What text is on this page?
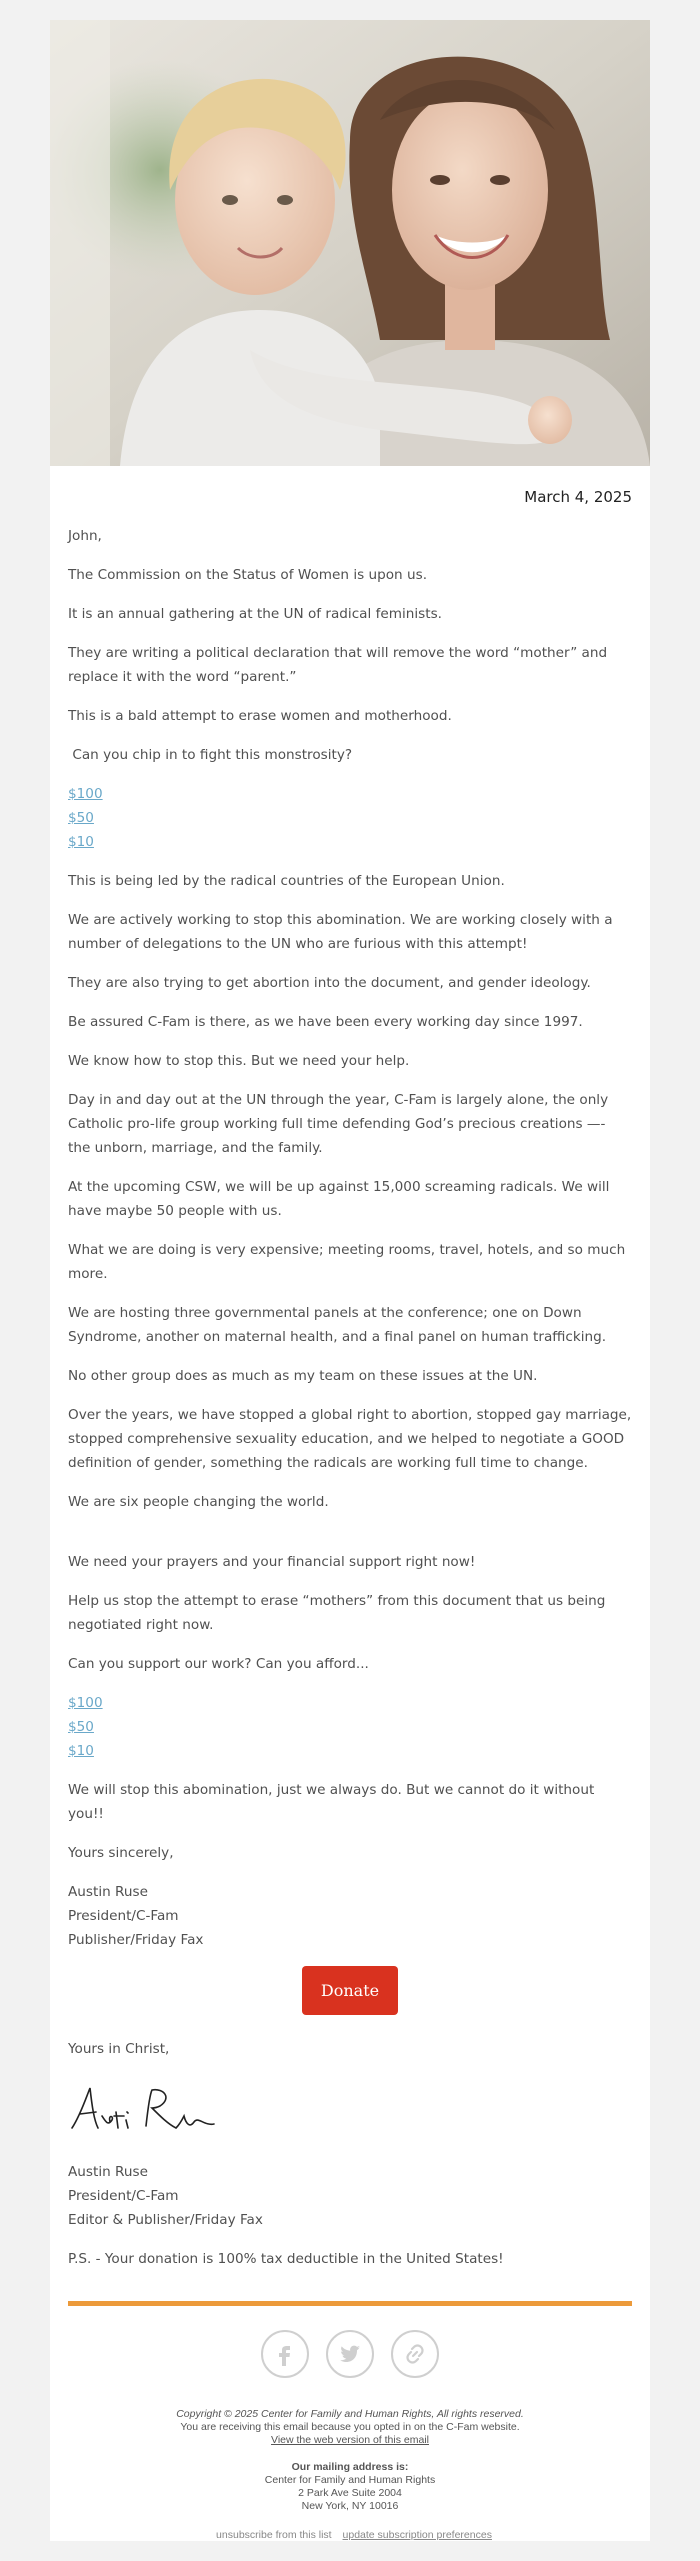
March 4, 2025

John,

The Commission on the Status of Women is upon us.

It is an annual gathering at the UN of radical feminists.

They are writing a political declaration that will remove the word “mother” and replace it with the word “parent.”

This is a bald attempt to erase women and motherhood.

Can you chip in to fight this monstrosity?

$100
$50
$10

This is being led by the radical countries of the European Union.

We are actively working to stop this abomination. We are working closely with a number of delegations to the UN who are furious with this attempt!

They are also trying to get abortion into the document, and gender ideology.

Be assured C-Fam is there, as we have been every working day since 1997.

We know how to stop this. But we need your help.

Day in and day out at the UN through the year, C-Fam is largely alone, the only Catholic pro-life group working full time defending God’s precious creations —- the unborn, marriage, and the family.

At the upcoming CSW, we will be up against 15,000 screaming radicals. We will have maybe 50 people with us.

What we are doing is very expensive; meeting rooms, travel, hotels, and so much more.

We are hosting three governmental panels at the conference; one on Down Syndrome, another on maternal health, and a final panel on human trafficking.

No other group does as much as my team on these issues at the UN.

Over the years, we have stopped a global right to abortion, stopped gay marriage, stopped comprehensive sexuality education, and we helped to negotiate a GOOD definition of gender, something the radicals are working full time to change.

We are six people changing the world.

We need your prayers and your financial support right now!

Help us stop the attempt to erase “mothers” from this document that us being negotiated right now.

Can you support our work? Can you afford...

$100
$50
$10

We will stop this abomination, just we always do. But we cannot do it without you!!

Yours sincerely,

Austin Ruse

President/C-Fam

Publisher/Friday Fax

Donate

Yours in Christ,

Austin Ruse

President/C-Fam

Editor & Publisher/Friday Fax

P.S. - Your donation is 100% tax deductible in the United States!

Copyright © 2025 Center for Family and Human Rights, All rights reserved.
You are receiving this email because you opted in on the C-Fam website.
View the web version of this email
Our mailing address is:
Center for Family and Human Rights
2 Park Ave Suite 2004
New York, NY 10016
unsubscribe from this list update subscription preferences
